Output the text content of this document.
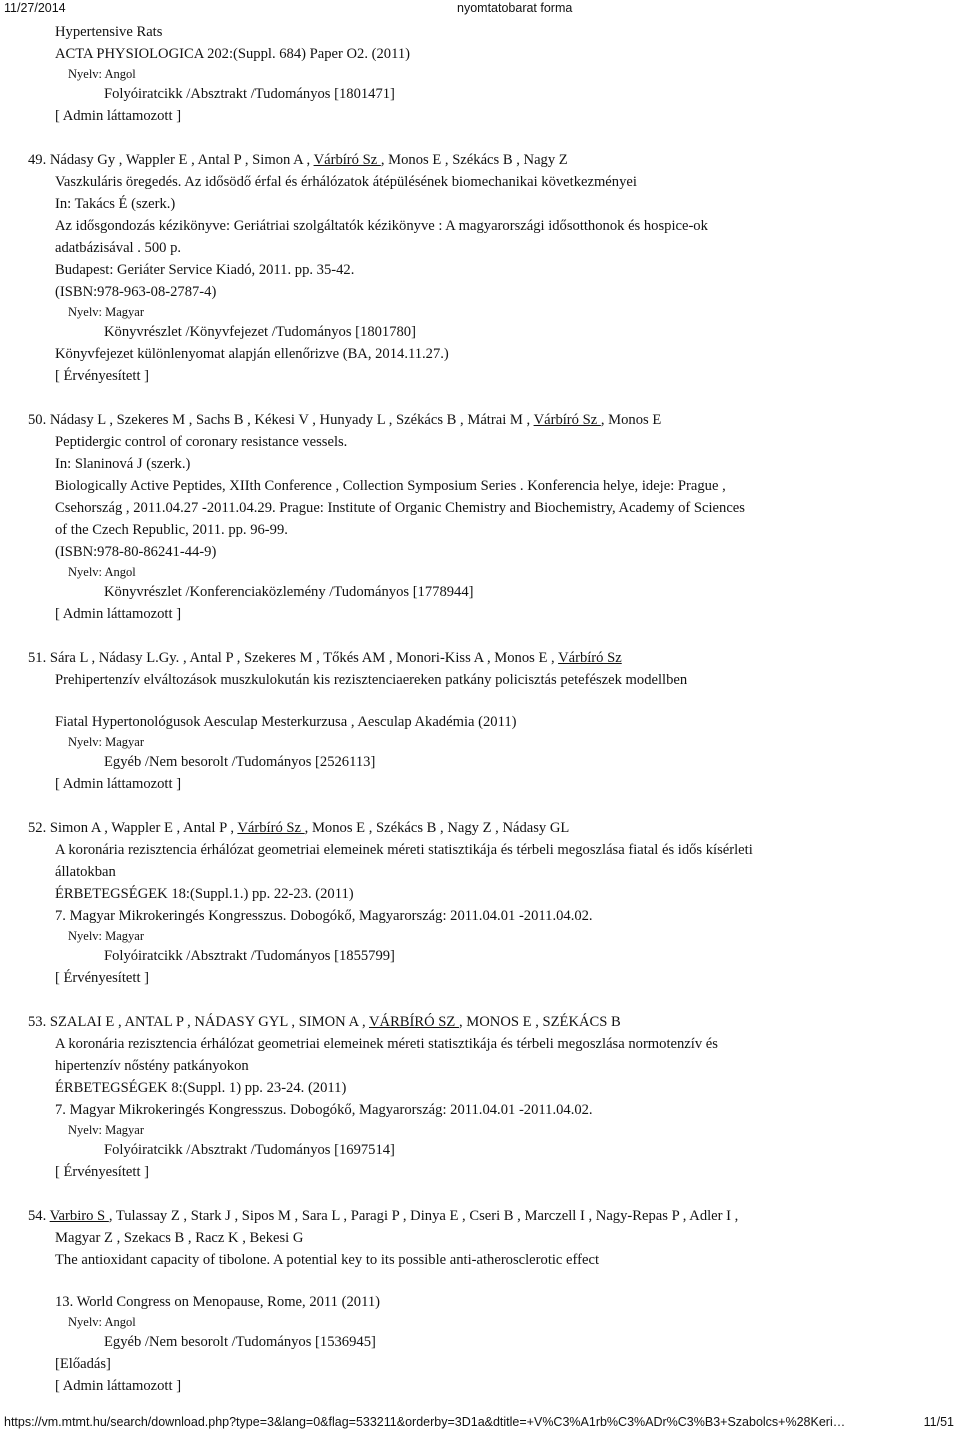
11/27/2014	nyomtatobarat forma
Hypertensive Rats
ACTA PHYSIOLOGICA 202:(Suppl. 684) Paper O2. (2011)
Nyelv: Angol
Folyóiratcikk /Absztrakt /Tudományos [1801471]
[ Admin láttamozott ]
49. Nádasy Gy , Wappler E , Antal P , Simon A , Várbíró Sz , Monos E , Székács B , Nagy Z
Vaszkuláris öregedés. Az idősödő érfal és érhálózatok átépülésének biomechanikai következményei
In: Takács É (szerk.)
Az idősgondozás kézikönyve: Geriátriai szolgáltatók kézikönyve : A magyarországi idősotthonok és hospice-ok
adatbázisával . 500 p.
Budapest: Geriáter Service Kiadó, 2011. pp. 35-42.
(ISBN:978-963-08-2787-4)
Nyelv: Magyar
Könyvrészlet /Könyvfejezet /Tudományos [1801780]
Könyvfejezet különlenyomat alapján ellenőrizve (BA, 2014.11.27.)
[ Érvényesített ]
50. Nádasy L , Szekeres M , Sachs B , Kékesi V , Hunyady L , Székács B , Mátrai M , Várbíró Sz , Monos E
Peptidergic control of coronary resistance vessels.
In: Slaninová J (szerk.)
Biologically Active Peptides, XIIth Conference , Collection Symposium Series . Konferencia helye, ideje: Prague ,
Csehország , 2011.04.27 -2011.04.29. Prague: Institute of Organic Chemistry and Biochemistry, Academy of Sciences
of the Czech Republic, 2011. pp. 96-99.
(ISBN:978-80-86241-44-9)
Nyelv: Angol
Könyvrészlet /Konferenciaközlemény /Tudományos [1778944]
[ Admin láttamozott ]
51. Sára L , Nádasy L.Gy. , Antal P , Szekeres M , Tőkés AM , Monori-Kiss A , Monos E , Várbíró Sz
Prehipertenzív elváltozások muszkulokután kis rezisztenciaereken patkány policisztás petefészek modellben
Fiatal Hypertonológusok Aesculap Mesterkurzusa , Aesculap Akadémia (2011)
Nyelv: Magyar
Egyéb /Nem besorolt /Tudományos [2526113]
[ Admin láttamozott ]
52. Simon A , Wappler E , Antal P , Várbíró Sz , Monos E , Székács B , Nagy Z , Nádasy GL
A koronária rezisztencia érhálózat geometriai elemeinek méreti statisztikája és térbeli megoszlása fiatal és idős kísérleti
állatokban
ÉRBETEGSÉGEK 18:(Suppl.1.) pp. 22-23. (2011)
7. Magyar Mikrokeringés Kongresszus. Dobogókő, Magyarország: 2011.04.01 -2011.04.02.
Nyelv: Magyar
Folyóiratcikk /Absztrakt /Tudományos [1855799]
[ Érvényesített ]
53. SZALAI E , ANTAL P , NÁDASY GYL , SIMON A , VÁRBÍRÓ SZ , MONOS E , SZÉKÁCS B
A koronária rezisztencia érhálózat geometriai elemeinek méreti statisztikája és térbeli megoszlása normotenzív és
hipertenzív nőstény patkányokon
ÉRBETEGSÉGEK 8:(Suppl. 1) pp. 23-24. (2011)
7. Magyar Mikrokeringés Kongresszus. Dobogókő, Magyarország: 2011.04.01 -2011.04.02.
Nyelv: Magyar
Folyóiratcikk /Absztrakt /Tudományos [1697514]
[ Érvényesített ]
54. Varbiro S , Tulassay Z , Stark J , Sipos M , Sara L , Paragi P , Dinya E , Cseri B , Marczell I , Nagy-Repas P , Adler I ,
Magyar Z , Szekacs B , Racz K , Bekesi G
The antioxidant capacity of tibolone. A potential key to its possible anti-atherosclerotic effect
13. World Congress on Menopause, Rome, 2011 (2011)
Nyelv: Angol
Egyéb /Nem besorolt /Tudományos [1536945]
[Előadás]
[ Admin láttamozott ]
https://vm.mtmt.hu/search/download.php?type=3&lang=0&flag=533211&orderby=3D1a&dtitle=+V%C3%A1rb%C3%ADr%C3%B3+Szabolcs+%28Keri…	11/51
